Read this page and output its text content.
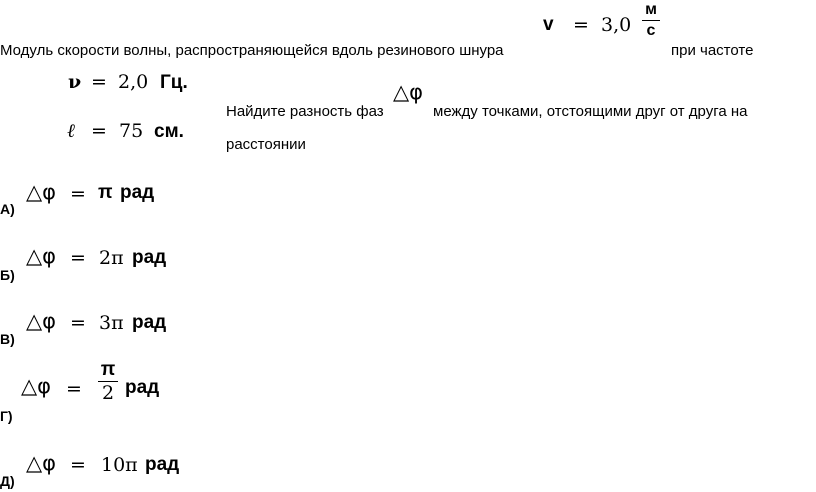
v = 3,0
м
с
Модуль скорости волны, распространяющейся вдоль резинового шнура	при частоте
ν = 2,0 Гц.
Найдите разность фаз
△φ
между точками, отстоящими друг от друга на
ℓ = 75 см.
расстоянии
△φ = π рад
А)
△φ = 2π рад
Б)
△φ = 3π рад
В)
△φ =
π
2 рад
Г)
△φ = 10π рад
Д)
